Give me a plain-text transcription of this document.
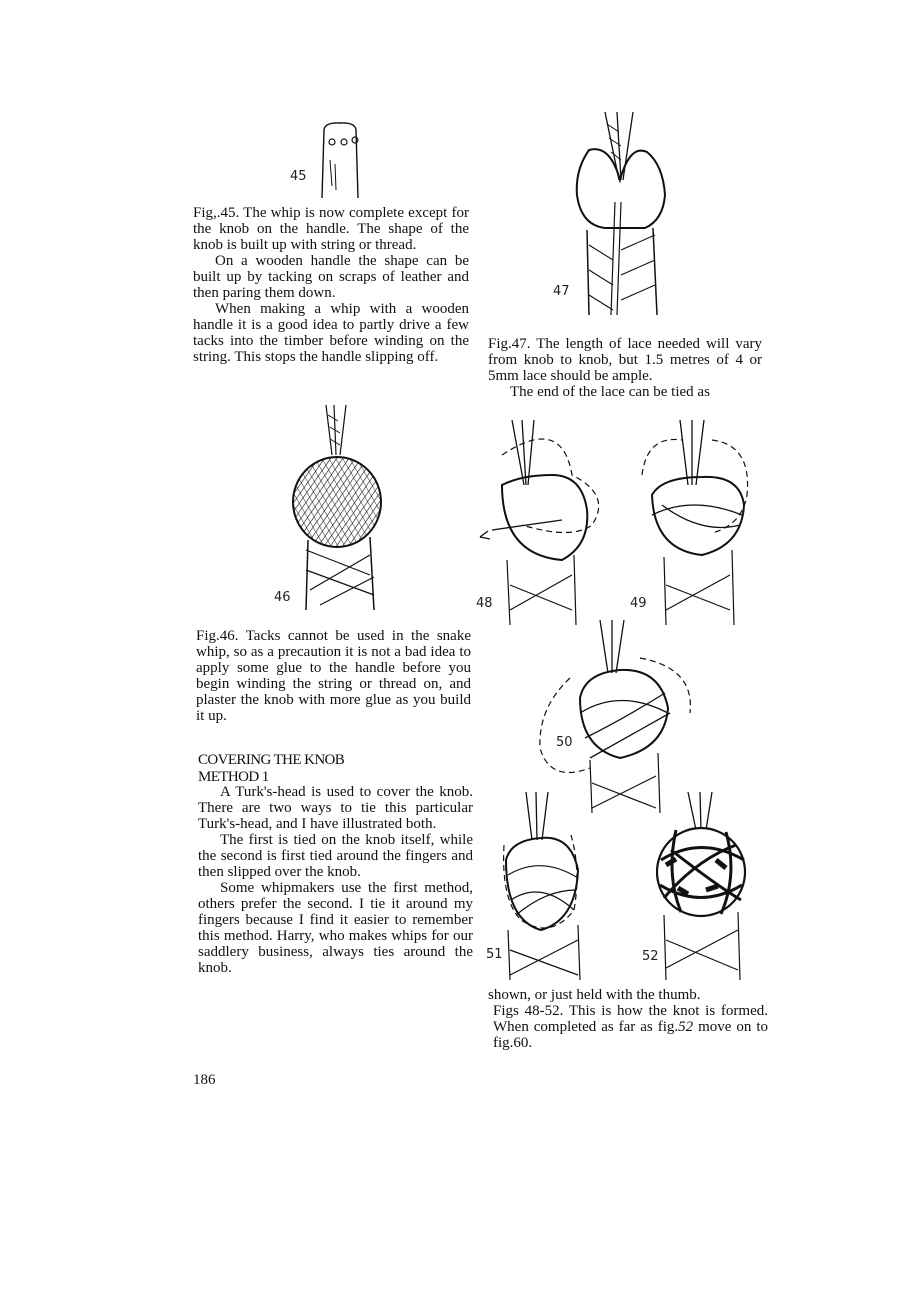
45

Fig,.45. The whip is now complete except for the knob on the handle. The shape of the knob is built up with string or thread.

On a wooden handle the shape can be built up by tacking on scraps of leather and then paring them down.

When making a whip with a wooden handle it is a good idea to partly drive a few tacks into the timber before winding on the string. This stops the handle slipping off.

46

Fig.46. Tacks cannot be used in the snake whip, so as a precaution it is not a bad idea to apply some glue to the handle before you begin winding the string or thread on, and plaster the knob with more glue as you build it up.

COVERING THE KNOB

METHOD 1

A Turk's-head is used to cover the knob. There are two ways to tie this particular Turk's-head, and I have illustrated both.

The first is tied on the knob itself, while the second is first tied around the fingers and then slipped over the knob.

Some whipmakers use the first method, others prefer the second. I tie it around my fingers because I find it easier to remember this method. Harry, who makes whips for our saddlery business, always ties around the knob.

47

Fig.47. The length of lace needed will vary from knob to knob, but 1.5 metres of 4 or 5mm lace should be ample.

The end of the lace can be tied as

48	49
50
51	52

shown, or just held with the thumb.

Figs 48-52. This is how the knot is formed. When completed as far as fig.52 move on to fig.60.

186
